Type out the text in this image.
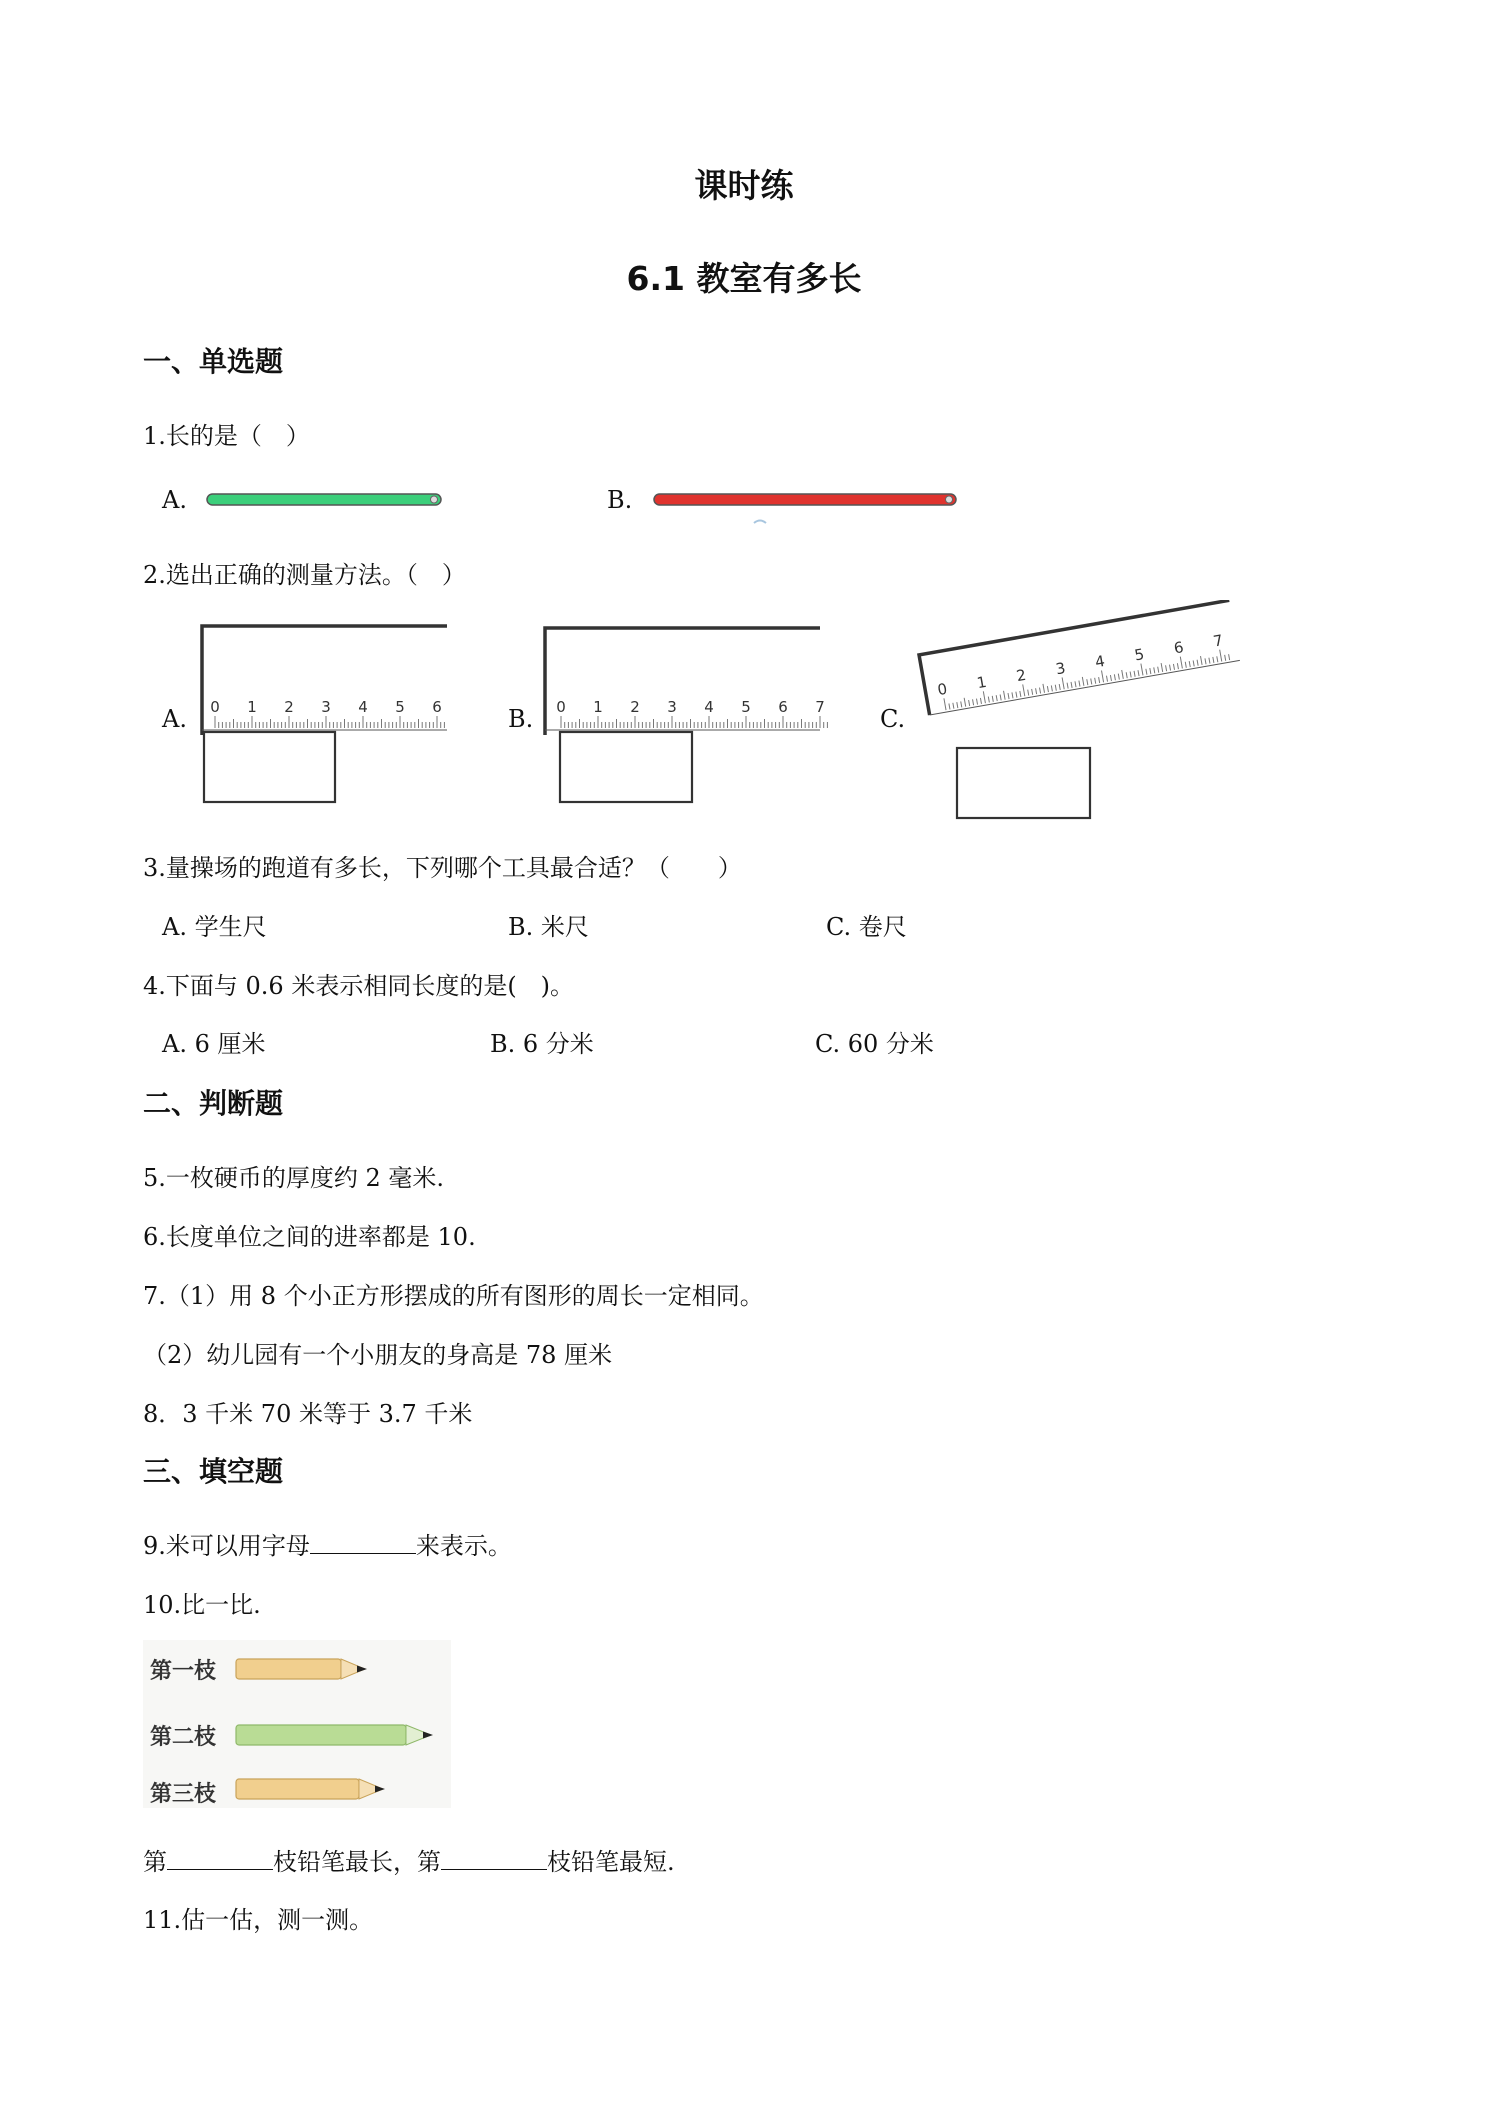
课时练
6.1 教室有多长
一、单选题
1.长的是（　）
A.	B.
2.选出正确的测量方法。（　）
A. 0 1 2 3 4 5 6	B. 0 1 2 3 4 5 6 7 C.
0 1 2 3 4 5 6 7
3.量操场的跑道有多长，下列哪个工具最合适？（　　）
A. 学生尺	B. 米尺	C. 卷尺
4.下面与 0.6 米表示相同长度的是(　)。
A. 6 厘米	B. 6 分米	C. 60 分米
二、判断题
5.一枚硬币的厚度约 2 毫米.
6.长度单位之间的进率都是 10.
7.（1）用 8 个小正方形摆成的所有图形的周长一定相同。
（2）幼儿园有一个小朋友的身高是 78 厘米
8．3 千米 70 米等于 3.7 千米
三、填空题
9.米可以用字母	来表示。
10.比一比.
第一枝
第二枝
第三枝
第	枝铅笔最长，第	枝铅笔最短.
11.估一估，测一测。
